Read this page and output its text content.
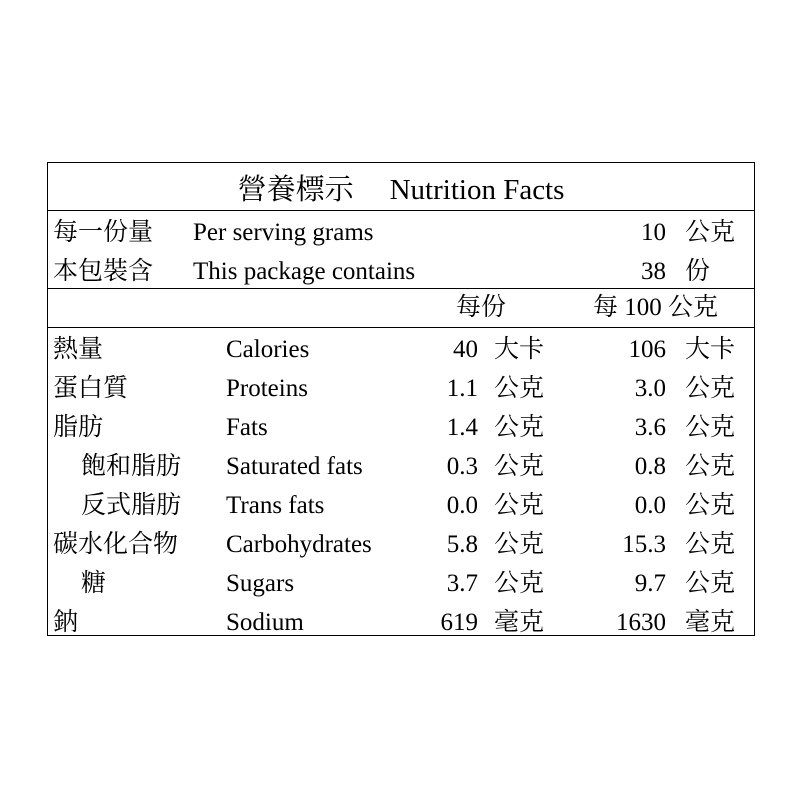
營養標示 Nutrition Facts
每一份量 Per serving grams	10 公克
本包裝含 This package contains	38 份
每份	每 100 公克
熱量	Calories	40 大卡	106 大卡
蛋白質	Proteins	1.1 公克	3.0 公克
脂肪	Fats	1.4 公克	3.6 公克
飽和脂肪 Saturated fats	0.3 公克	0.8 公克
反式脂肪 Trans fats	0.0 公克	0.0 公克
碳水化合物 Carbohydrates	5.8 公克	15.3 公克
糖	Sugars	3.7 公克	9.7 公克
鈉	Sodium	619 毫克	1630 毫克
